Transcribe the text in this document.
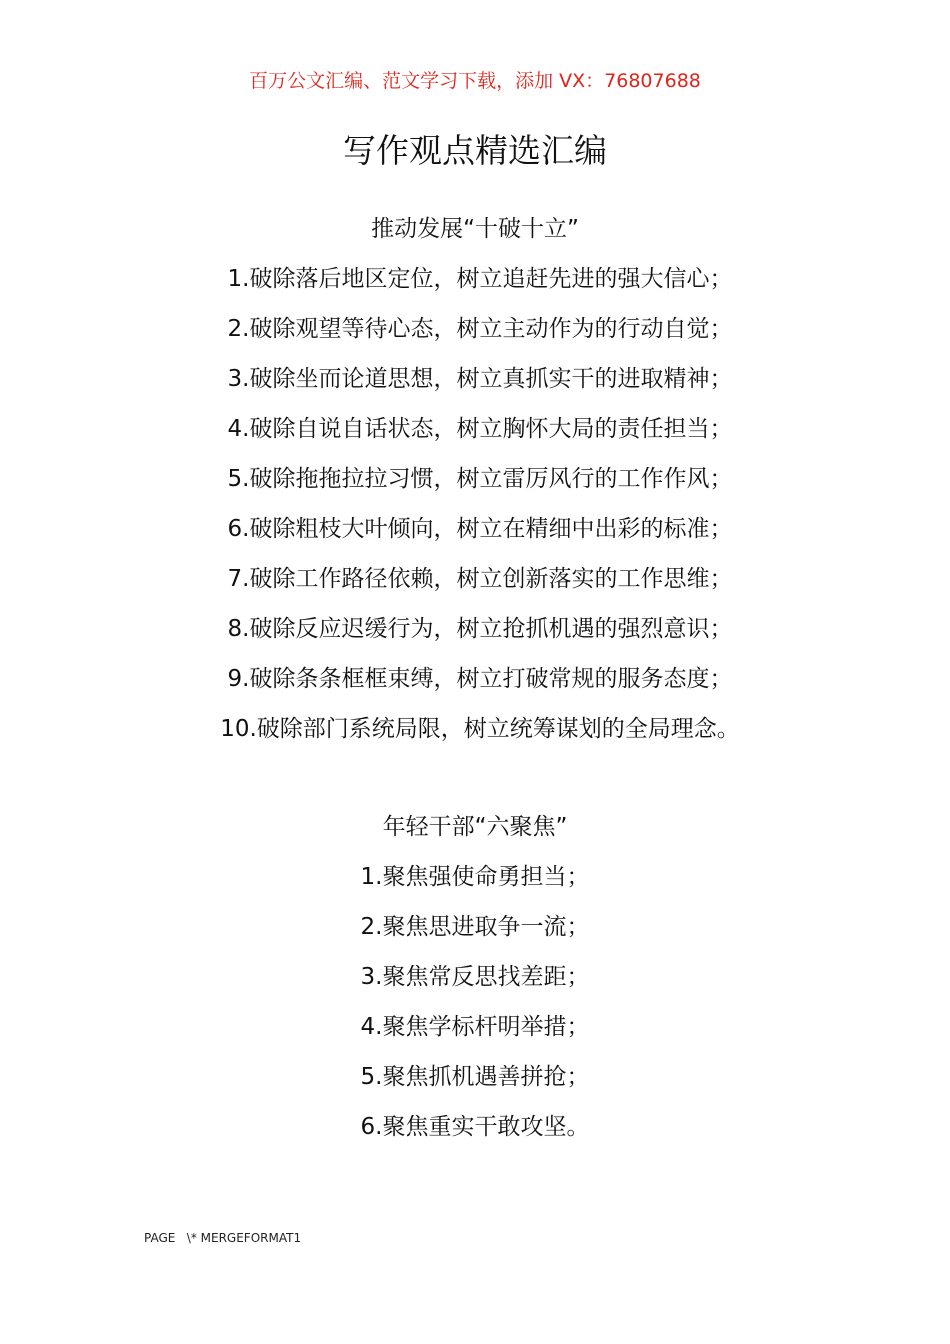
百万公文汇编、范文学习下载，添加 VX：76807688
写作观点精选汇编

推动发展“十破十立”

1.破除落后地区定位，树立追赶先进的强大信心；
2.破除观望等待心态，树立主动作为的行动自觉；
3.破除坐而论道思想，树立真抓实干的进取精神；
4.破除自说自话状态，树立胸怀大局的责任担当；
5.破除拖拖拉拉习惯，树立雷厉风行的工作作风；
6.破除粗枝大叶倾向，树立在精细中出彩的标准；
7.破除工作路径依赖，树立创新落实的工作思维；
8.破除反应迟缓行为，树立抢抓机遇的强烈意识；
9.破除条条框框束缚，树立打破常规的服务态度；
10.破除部门系统局限，树立统筹谋划的全局理念。

年轻干部“六聚焦”

1.聚焦强使命勇担当；
2.聚焦思进取争一流；
3.聚焦常反思找差距；
4.聚焦学标杆明举措；
5.聚焦抓机遇善拼抢；
6.聚焦重实干敢攻坚。
PAGE   \* MERGEFORMAT1
